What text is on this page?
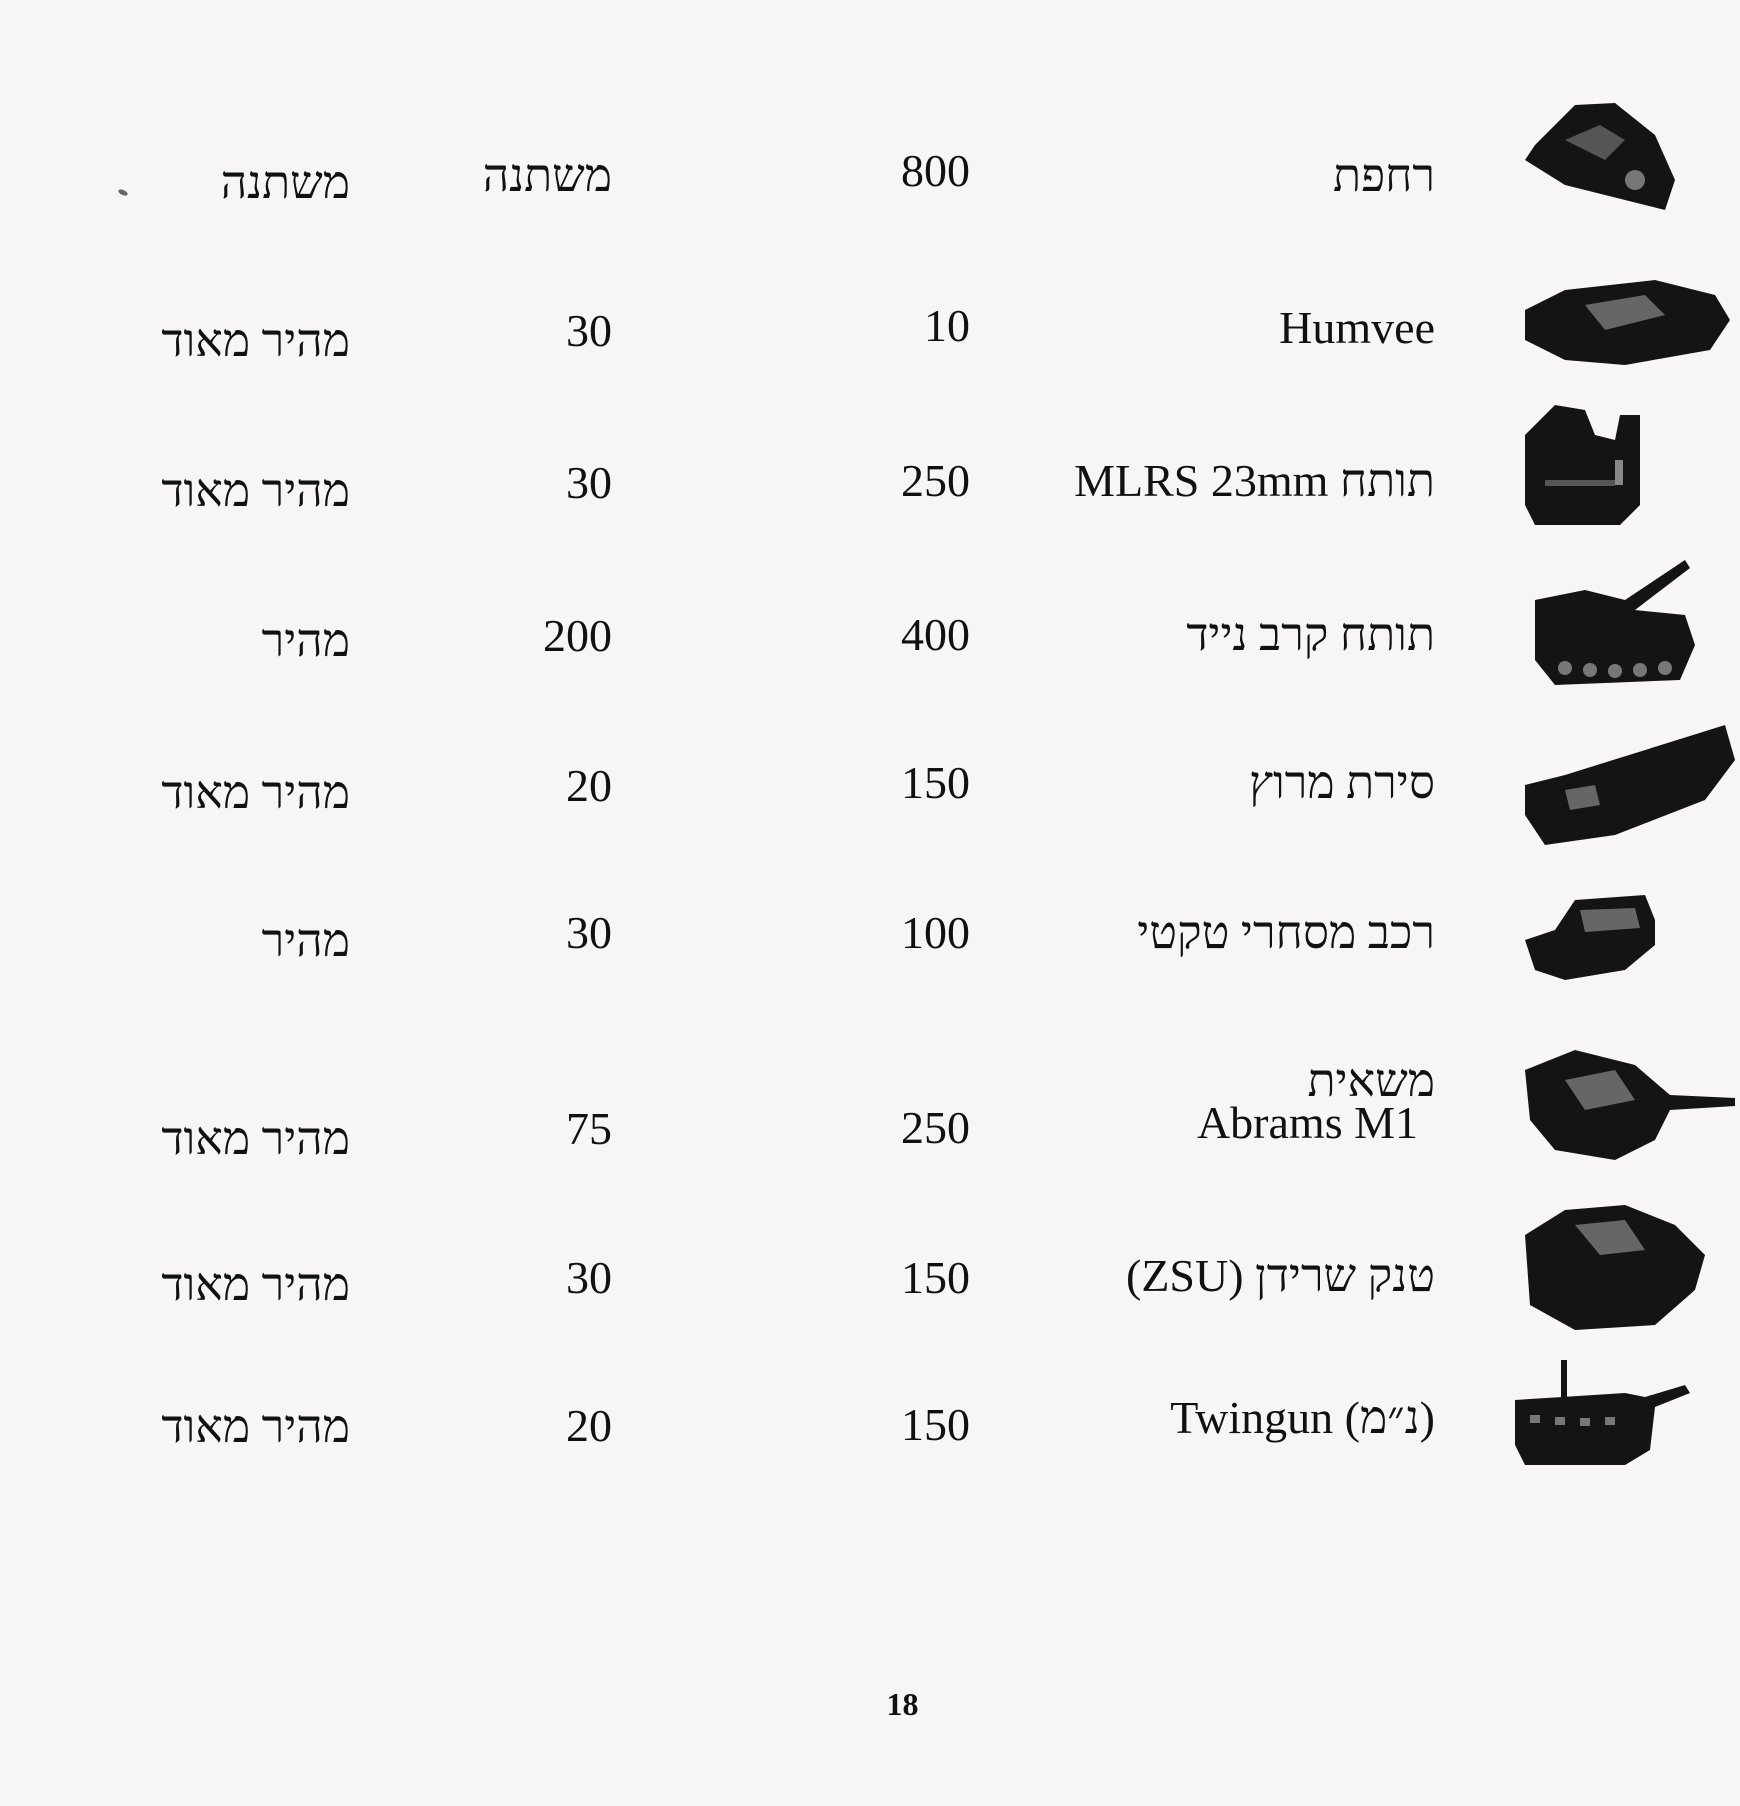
רחפת
800
משתנה
משתנה
Humvee
10
30
מהיר מאוד
תותח MLRS 23mm
250
30
מהיר מאוד
תותח קרב נייד
400
200
מהיר
סירת מרוץ
150
20
מהיר מאוד
רכב מסחרי טקטי
100
30
מהיר
משאית
Abrams M1
250
75
מהיר מאוד
טנק שרידן (ZSU)
150
30
מהיר מאוד
Twingun (נ״מ)
150
20
מהיר מאוד
18
